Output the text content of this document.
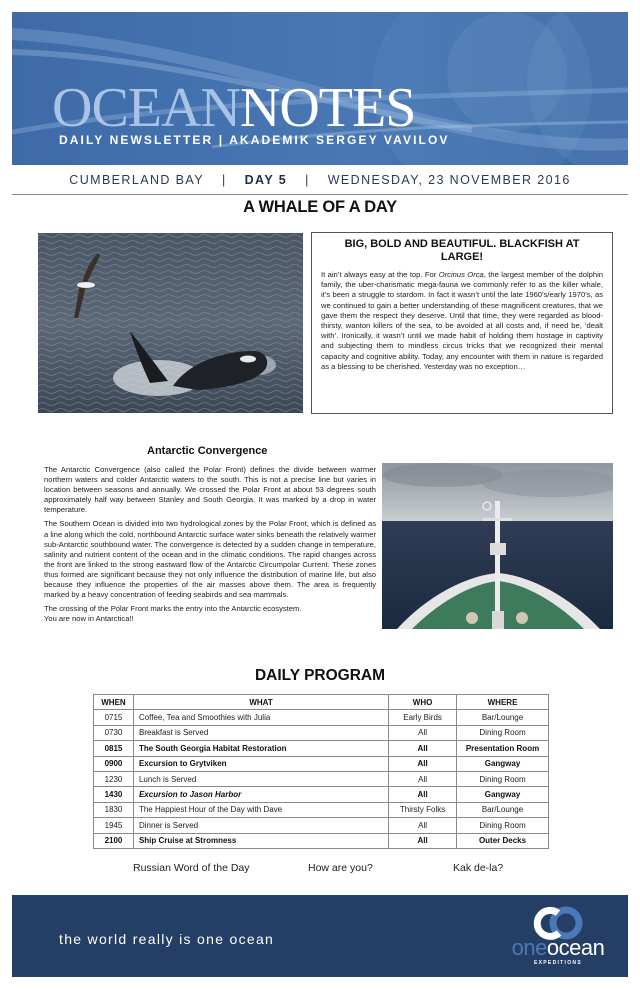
OCEANNOTES
DAILY NEWSLETTER | AKADEMIK SERGEY VAVILOV
CUMBERLAND BAY | DAY 5 | WEDNESDAY, 23 NOVEMBER 2016
A WHALE OF A DAY
BIG, BOLD AND BEAUTIFUL. BLACKFISH AT LARGE!

It ain’t always easy at the top. For Orcinus Orca, the largest member of the dolphin family, the uber-charismatic mega-fauna we commonly refer to as the killer whale, it’s been a struggle to stardom. In fact it wasn’t until the late 1960’s/early 1970’s, as we continued to gain a better understanding of these magnificent creatures, that we gave them the respect they deserve. Until that time, they were regarded as blood-thirsty, wanton killers of the sea, to be avoided at all costs and, if need be, ‘dealt with’. Ironically, it wasn’t until we made habit of holding them hostage in captivity and subjecting them to mindless circus tricks that we recognized their mental capacity and cognitive ability. Today, any encounter with them in nature is regarded as a blessing to be cherished. Yesterday was no exception…

Antarctic Convergence

The Antarctic Convergence (also called the Polar Front) defines the divide between warmer northern waters and colder Antarctic waters to the south. This is not a precise line but varies in location between seasons and annually. We crossed the Polar Front at about 53 degrees south approximately half way between Stanley and South Georgia. It was marked by a drop in water temperature.

The Southern Ocean is divided into two hydrological zones by the Polar Front, which is defined as a line along which the cold, northbound Antarctic surface water sinks beneath the relatively warmer sub-Antarctic southbound water. The convergence is detected by a sudden change in temperature, salinity and nutrient content of the ocean and in the climatic conditions. The rapid changes across the front are linked to the strong eastward flow of the Antarctic Circumpolar Current. These zones thus formed are significant because they not only influence the distribution of marine life, but also because they influence the properties of the air masses above them. The area is frequently marked by a heavy concentration of feeding seabirds and sea mammals.

The crossing of the Polar Front marks the entry into the Antarctic ecosystem.

You are now in Antarctica!!

DAILY PROGRAM
WHEN	WHAT	WHO	WHERE
0715	Coffee, Tea and Smoothies with Julia	Early Birds	Bar/Lounge
0730	Breakfast is Served	All	Dining Room
0815	The South Georgia Habitat Restoration	All	Presentation Room
0900	Excursion to Grytviken	All	Gangway
1230	Lunch is Served	All	Dining Room
1430	Excursion to Jason Harbor	All	Gangway
1830	The Happiest Hour of the Day with Dave	Thirsty Folks	Bar/Lounge
1945	Dinner is Served	All	Dining Room
2100	Ship Cruise at Stromness	All	Outer Decks
Russian Word of the Day	How are you?	Kak de-la?
the world really is one ocean	oneocean
EXPEDITIONS
